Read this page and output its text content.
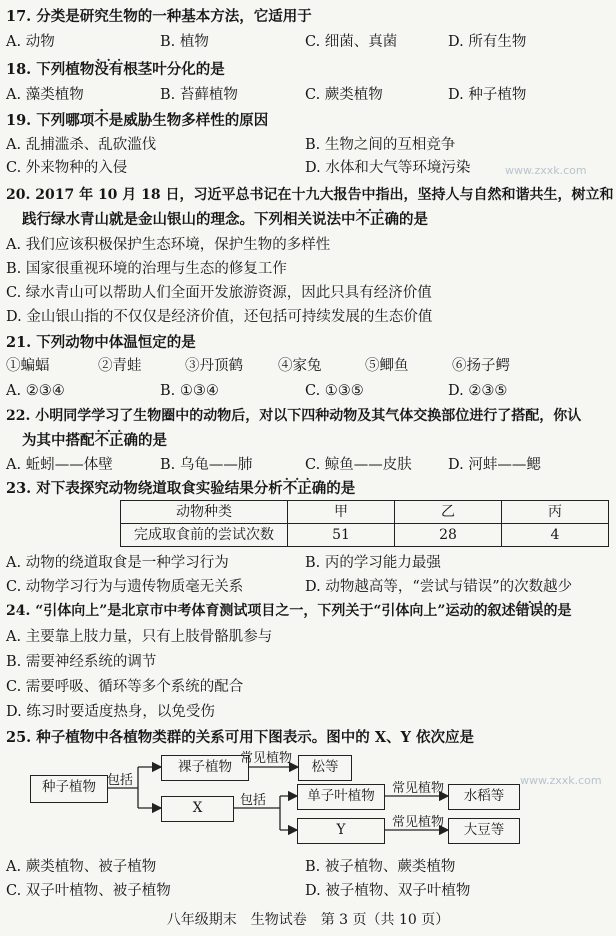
17. 分类是研究生物的一种基本方法，它适用于
A. 动物	B. 植物	C. 细菌、真菌	D. 所有生物
18. 下列植物没有 · · ·根茎叶分化的是
A. 藻类植物	B. 苔藓植物	C. 蕨类植物	D. 种子植物
19. 下列哪项不是威胁生物多样性的原因
A. 乱捕滥杀、乱砍滥伐	B. 生物之间的互相竞争
C. 外来物种的入侵	D. 水体和大气等环境污染
20. 2017 年 10 月 18 日，习近平总书记在十九大报告中指出，坚持人与自然和谐共生，树立和
践行绿水青山就是金山银山的理念。下列相关说法中不正确 · · ·的是
A. 我们应该积极保护生态环境，保护生物的多样性
B. 国家很重视环境的治理与生态的修复工作
C. 绿水青山可以帮助人们全面开发旅游资源，因此只具有经济价值
D. 金山银山指的不仅仅是经济价值，还包括可持续发展的生态价值
21. 下列动物中体温恒定的是
①蝙蝠	②青蛙	③丹顶鹤 ④家兔	⑤鲫鱼	⑥扬子鳄
A. ②③④	B. ①③④	C. ①③⑤	D. ②③⑤
22. 小明同学学习了生物圈中的动物后，对以下四种动物及其气体交换部位进行了搭配，你认
为其中搭配不正确 · · ·的是
A. 蚯蚓——体壁	B. 乌龟——肺	C. 鲸鱼——皮肤 D. 河蚌——鳃
23. 对下表探究动物绕道取食实验结果分析不正确 · · ·的是
动物种类	甲	乙	丙
完成取食前的尝试次数	51	28	4
A. 动物的绕道取食是一种学习行为	B. 丙的学习能力最强
C. 动物学习行为与遗传物质毫无关系	D. 动物越高等，“尝试与错误”的次数越少
24. “引体向上”是北京市中考体育测试项目之一，下列关于“引体向上”运动的叙述错误 · · ·的是
A. 主要靠上肢力量，只有上肢骨骼肌参与
B. 需要神经系统的调节
C. 需要呼吸、循环等多个系统的配合
D. 练习时要适度热身，以免受伤
25. 种子植物中各植物类群的关系可用下图表示。图中的 X、Y 依次应是
种子植物 包括
裸子植物
常见植物
松等
X	包括	单子叶植物	常见植物	水稻等
Y	常见植物	大豆等
A. 蕨类植物、被子植物	B. 被子植物、蕨类植物
C. 双子叶植物、被子植物	D. 被子植物、双子叶植物
八年级期末　生物试卷　第 3 页（共 10 页）
www.zxxk.com
www.zxxk.com
